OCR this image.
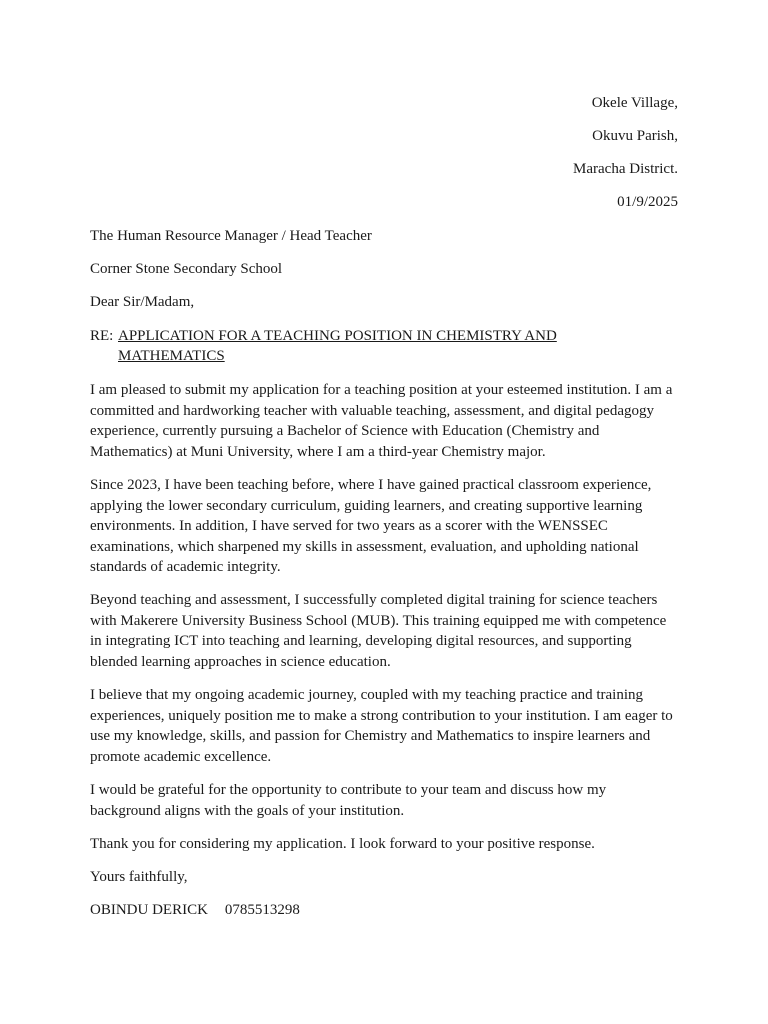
Okele Village,
Okuvu Parish,
Maracha District.
01/9/2025
The Human Resource Manager / Head Teacher
Corner Stone Secondary School
Dear Sir/Madam,
RE: APPLICATION FOR A TEACHING POSITION IN CHEMISTRY AND
MATHEMATICS

I am pleased to submit my application for a teaching position at your esteemed institution. I am a committed and hardworking teacher with valuable teaching, assessment, and digital pedagogy experience, currently pursuing a Bachelor of Science with Education (Chemistry and Mathematics) at Muni University, where I am a third-year Chemistry major.

Since 2023, I have been teaching before, where I have gained practical classroom experience, applying the lower secondary curriculum, guiding learners, and creating supportive learning environments. In addition, I have served for two years as a scorer with the WENSSEC examinations, which sharpened my skills in assessment, evaluation, and upholding national standards of academic integrity.

Beyond teaching and assessment, I successfully completed digital training for science teachers with Makerere University Business School (MUB). This training equipped me with competence in integrating ICT into teaching and learning, developing digital resources, and supporting blended learning approaches in science education.

I believe that my ongoing academic journey, coupled with my teaching practice and training experiences, uniquely position me to make a strong contribution to your institution. I am eager to use my knowledge, skills, and passion for Chemistry and Mathematics to inspire learners and promote academic excellence.

I would be grateful for the opportunity to contribute to your team and discuss how my background aligns with the goals of your institution.

Thank you for considering my application. I look forward to your positive response.

Yours faithfully,
OBINDU DERICK 0785513298
